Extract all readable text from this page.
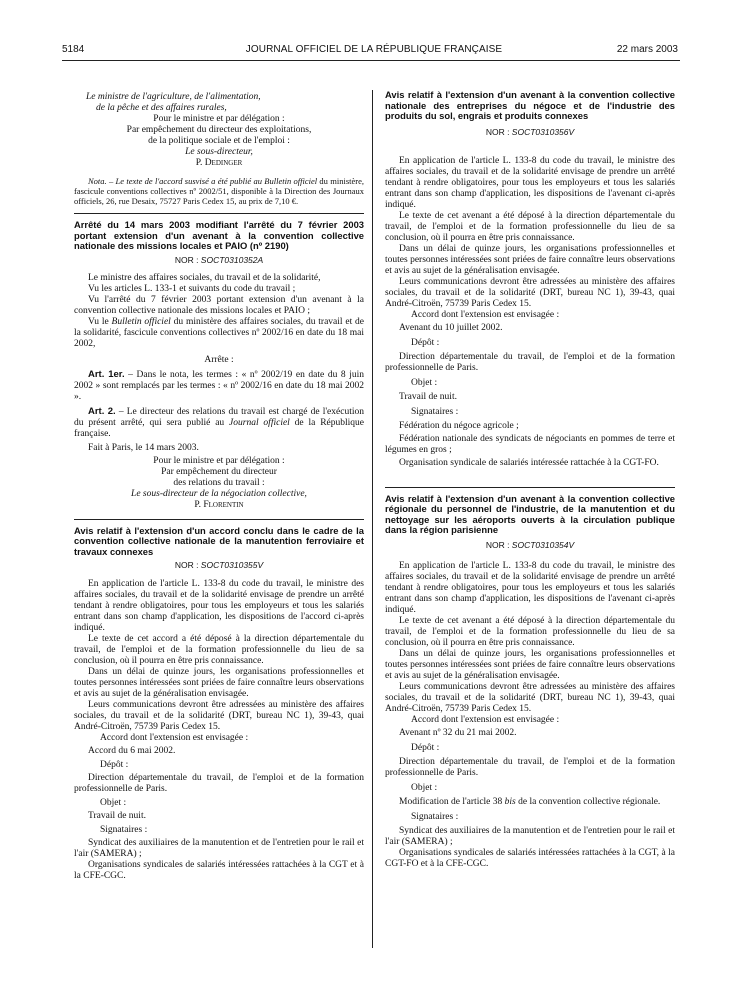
5184	JOURNAL OFFICIEL DE LA RÉPUBLIQUE FRANÇAISE	22 mars 2003

Le ministre de l'agriculture, de l'alimentation,

de la pêche et des affaires rurales,

Pour le ministre et par délégation :

Par empêchement du directeur des exploitations,

de la politique sociale et de l'emploi :

Le sous-directeur,

P. Dedinger

Nota. – Le texte de l'accord susvisé a été publié au Bulletin officiel du ministère, fascicule conventions collectives nº 2002/51, disponible à la Direction des Journaux officiels, 26, rue Desaix, 75727 Paris Cedex 15, au prix de 7,10 €.

Arrêté du 14 mars 2003 modifiant l'arrêté du 7 février 2003 portant extension d'un avenant à la convention collective nationale des missions locales et PAIO (nº 2190)

NOR : SOCT0310352A

Le ministre des affaires sociales, du travail et de la solidarité,

Vu les articles L. 133-1 et suivants du code du travail ;

Vu l'arrêté du 7 février 2003 portant extension d'un avenant à la convention collective nationale des missions locales et PAIO ;

Vu le Bulletin officiel du ministère des affaires sociales, du travail et de la solidarité, fascicule conventions collectives nº 2002/16 en date du 18 mai 2002,

Arrête :

Art. 1er. – Dans le nota, les termes : « nº 2002/19 en date du 8 juin 2002 » sont remplacés par les termes : « nº 2002/16 en date du 18 mai 2002 ».

Art. 2. – Le directeur des relations du travail est chargé de l'exécution du présent arrêté, qui sera publié au Journal officiel de la République française.

Fait à Paris, le 14 mars 2003.

Pour le ministre et par délégation :

Par empêchement du directeur

des relations du travail :

Le sous-directeur de la négociation collective,

P. Florentin

Avis relatif à l'extension d'un accord conclu dans le cadre de la convention collective nationale de la manutention ferroviaire et travaux connexes

NOR : SOCT0310355V

En application de l'article L. 133-8 du code du travail, le ministre des affaires sociales, du travail et de la solidarité envisage de prendre un arrêté tendant à rendre obligatoires, pour tous les employeurs et tous les salariés entrant dans son champ d'application, les dispositions de l'accord ci-après indiqué.

Le texte de cet accord a été déposé à la direction départementale du travail, de l'emploi et de la formation professionnelle du lieu de sa conclusion, où il pourra en être pris connaissance.

Dans un délai de quinze jours, les organisations professionnelles et toutes personnes intéressées sont priées de faire connaître leurs observations et avis au sujet de la généralisation envisagée.

Leurs communications devront être adressées au ministère des affaires sociales, du travail et de la solidarité (DRT, bureau NC 1), 39-43, quai André-Citroën, 75739 Paris Cedex 15.

Accord dont l'extension est envisagée :

Accord du 6 mai 2002.

Dépôt :

Direction départementale du travail, de l'emploi et de la formation professionnelle de Paris.

Objet :

Travail de nuit.

Signataires :

Syndicat des auxiliaires de la manutention et de l'entretien pour le rail et l'air (SAMERA) ;

Organisations syndicales de salariés intéressées rattachées à la CGT et à la CFE-CGC.

Avis relatif à l'extension d'un avenant à la convention collective nationale des entreprises du négoce et de l'industrie des produits du sol, engrais et produits connexes

NOR : SOCT0310356V

En application de l'article L. 133-8 du code du travail, le ministre des affaires sociales, du travail et de la solidarité envisage de prendre un arrêté tendant à rendre obligatoires, pour tous les employeurs et tous les salariés entrant dans son champ d'application, les dispositions de l'avenant ci-après indiqué.

Le texte de cet avenant a été déposé à la direction départementale du travail, de l'emploi et de la formation professionnelle du lieu de sa conclusion, où il pourra en être pris connaissance.

Dans un délai de quinze jours, les organisations professionnelles et toutes personnes intéressées sont priées de faire connaître leurs observations et avis au sujet de la généralisation envisagée.

Leurs communications devront être adressées au ministère des affaires sociales, du travail et de la solidarité (DRT, bureau NC 1), 39-43, quai André-Citroën, 75739 Paris Cedex 15.

Accord dont l'extension est envisagée :

Avenant du 10 juillet 2002.

Dépôt :

Direction départementale du travail, de l'emploi et de la formation professionnelle de Paris.

Objet :

Travail de nuit.

Signataires :

Fédération du négoce agricole ;

Fédération nationale des syndicats de négociants en pommes de terre et légumes en gros ;

Organisation syndicale de salariés intéressée rattachée à la CGT-FO.

Avis relatif à l'extension d'un avenant à la convention collective régionale du personnel de l'industrie, de la manutention et du nettoyage sur les aéroports ouverts à la circulation publique dans la région parisienne

NOR : SOCT0310354V

En application de l'article L. 133-8 du code du travail, le ministre des affaires sociales, du travail et de la solidarité envisage de prendre un arrêté tendant à rendre obligatoires, pour tous les employeurs et tous les salariés entrant dans son champ d'application, les dispositions de l'avenant ci-après indiqué.

Le texte de cet avenant a été déposé à la direction départementale du travail, de l'emploi et de la formation professionnelle du lieu de sa conclusion, où il pourra en être pris connaissance.

Dans un délai de quinze jours, les organisations professionnelles et toutes personnes intéressées sont priées de faire connaître leurs observations et avis au sujet de la généralisation envisagée.

Leurs communications devront être adressées au ministère des affaires sociales, du travail et de la solidarité (DRT, bureau NC 1), 39-43, quai André-Citroën, 75739 Paris Cedex 15.

Accord dont l'extension est envisagée :

Avenant nº 32 du 21 mai 2002.

Dépôt :

Direction départementale du travail, de l'emploi et de la formation professionnelle de Paris.

Objet :

Modification de l'article 38 bis de la convention collective régionale.

Signataires :

Syndicat des auxiliaires de la manutention et de l'entretien pour le rail et l'air (SAMERA) ;

Organisations syndicales de salariés intéressées rattachées à la CGT, à la CGT-FO et à la CFE-CGC.
